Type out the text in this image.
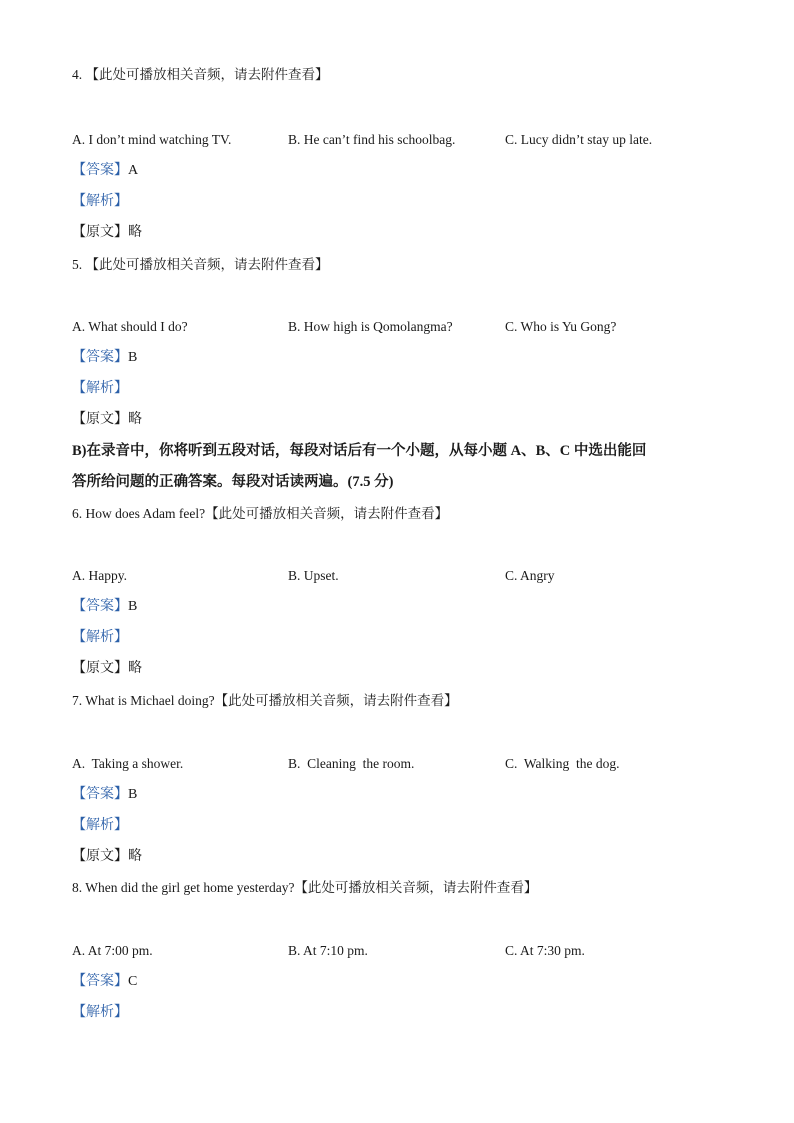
4. 【此处可播放相关音频，请去附件查看】
A. I don’t mind watching TV.	B. He can’t find his schoolbag.	C. Lucy didn’t stay up late.
【答案】A
【解析】
【原文】略
5. 【此处可播放相关音频，请去附件查看】
A. What should I do?	B. How high is Qomolangma?	C. Who is Yu Gong?
【答案】B
【解析】
【原文】略
B)在录音中，你将听到五段对话，每段对话后有一个小题，从每小题 A、B、C 中选出能回
答所给问题的正确答案。每段对话读两遍。(7.5 分)
6. How does Adam feel?【此处可播放相关音频，请去附件查看】
A. Happy.	B. Upset.	C. Angry
【答案】B
【解析】
【原文】略
7. What is Michael doing?【此处可播放相关音频，请去附件查看】
A.  Taking a shower.	B.  Cleaning  the room.	C.  Walking  the dog.
【答案】B
【解析】
【原文】略
8. When did the girl get home yesterday?【此处可播放相关音频，请去附件查看】
A. At 7:00 pm.	B. At 7:10 pm.	C. At 7:30 pm.
【答案】C
【解析】
